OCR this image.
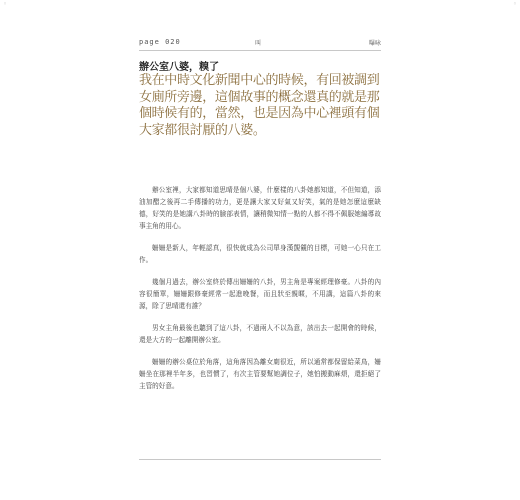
◦	◦
page 020	叫	曝咏
辦公室八婆，糗了
我在中時文化新聞中心的時候，有回被調到女廁所旁邊，這個故事的概念還真的就是那個時候有的，當然，也是因為中心裡頭有個大家都很討厭的八婆。

辦公室裡，大家都知道思晴是個八婆，什麼樣的八卦她都知道，不但知道，添油加醋之後再二手傳播的功力，更是讓大家又好氣又好笑，氣的是她怎麼這麼缺德，好笑的是她講八卦時的臉部表情，讓稍微知情一點的人都不得不佩服她編導故事主角的用心。

姍姍是新人，年輕認真，很快就成為公司單身漢覬覦的目標，可她一心只在工作。

幾個月過去，辦公室終於傳出姍姍的八卦，男主角是專案經理修豪。八卦的內容很簡單，姍姍跟修豪經常一起進晚餐，而且狀至親暱，不用講，這篇八卦的來源，除了思晴還有誰？

男女主角最後也聽到了這八卦，不過兩人不以為意，該出去一起開會的時候，還是大方的一起離開辦公室。

姍姍的辦公桌位於角落，這角落因為離女廁很近，所以通常都保留給菜鳥，姍姍坐在那裡半年多，也習慣了，有次主管要幫她調位子，她怕搬動麻煩，還拒絕了主管的好意。
